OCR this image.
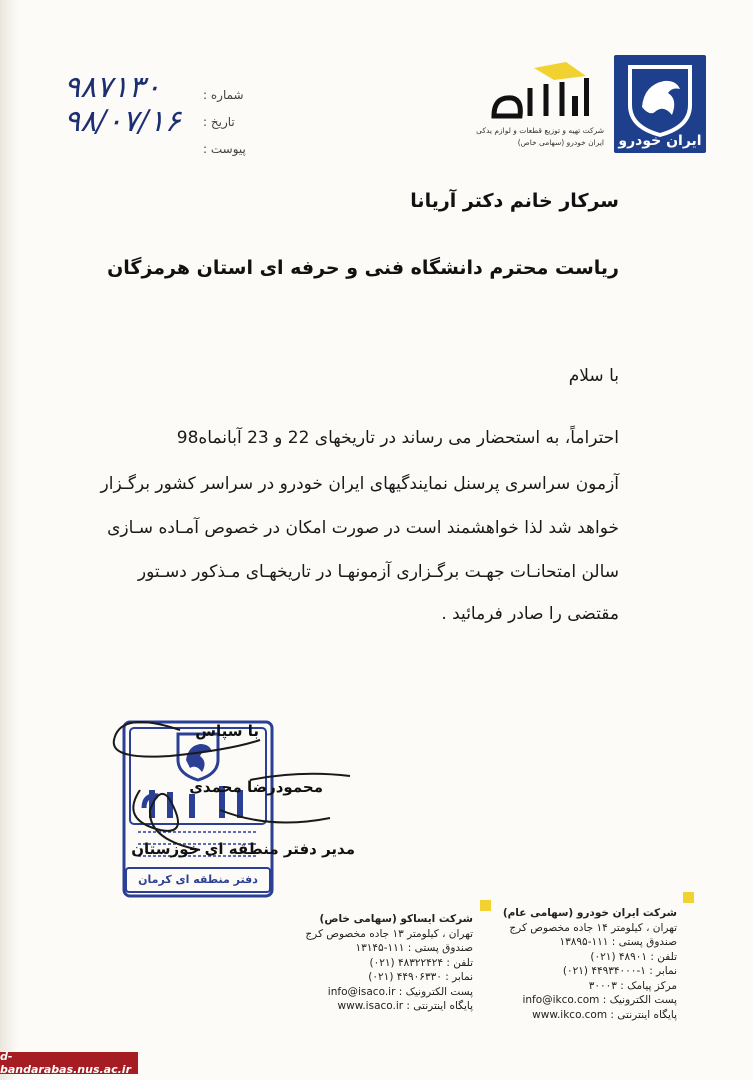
ایران خودرو
شرکت تهیه و توزیع قطعات و لوازم یدکی
ایران خودرو (سهامی خاص)
شماره :
تاریخ :
پیوست :
۹۸۷۱۳۰
۹۸/۰۷/۱۶
سرکار خانم دکتر آریانا
ریاست محترم دانشگاه فنی و حرفه ای استان هرمزگان
با سلام
احتراماً، به استحضار می رساند در تاریخهای 22 و 23 آبانماه98
آزمون سراسری پرسنل نمایندگیهای ایران خودرو در سراسر کشور برگـزار
خواهد شد لذا خواهشمند است در صورت امکان در خصوص آمـاده سـازی
سالن امتحانـات جهـت برگـزاری آزمونهـا در تاریخهـای مـذکور دسـتور
مقتضی را صادر فرمائید .
دفتر منطقه ای کرمان
با سپاس
محمودرضا محمدی
مدیر دفتر منطقه ای خوزستان
شرکت ایساکو (سهامی خاص)
تهران ، کیلومتر ۱۳ جاده مخصوص کرج
صندوق پستی : ۱۱۱-۱۳۱۴۵
تلفن : ۴۸۳۲۲۴۲۴ (۰۲۱)
نمابر : ۴۴۹۰۶۳۳۰ (۰۲۱)
پست الکترونیک : info@isaco.ir
پایگاه اینترنتی : www.isaco.ir
شرکت ایران خودرو (سهامی عام)
تهران ، کیلومتر ۱۴ جاده مخصوص کرج
صندوق پستی : ۱۱۱-۱۳۸۹۵
تلفن : ۴۸۹۰۱ (۰۲۱)
نمابر : ۱-۴۴۹۳۴۰۰۰ (۰۲۱)
مرکز پیامک : ۳۰۰۰۳
پست الکترونیک : info@ikco.com
پایگاه اینترنتی : www.ikco.com
d-bandarabas.nus.ac.ir
